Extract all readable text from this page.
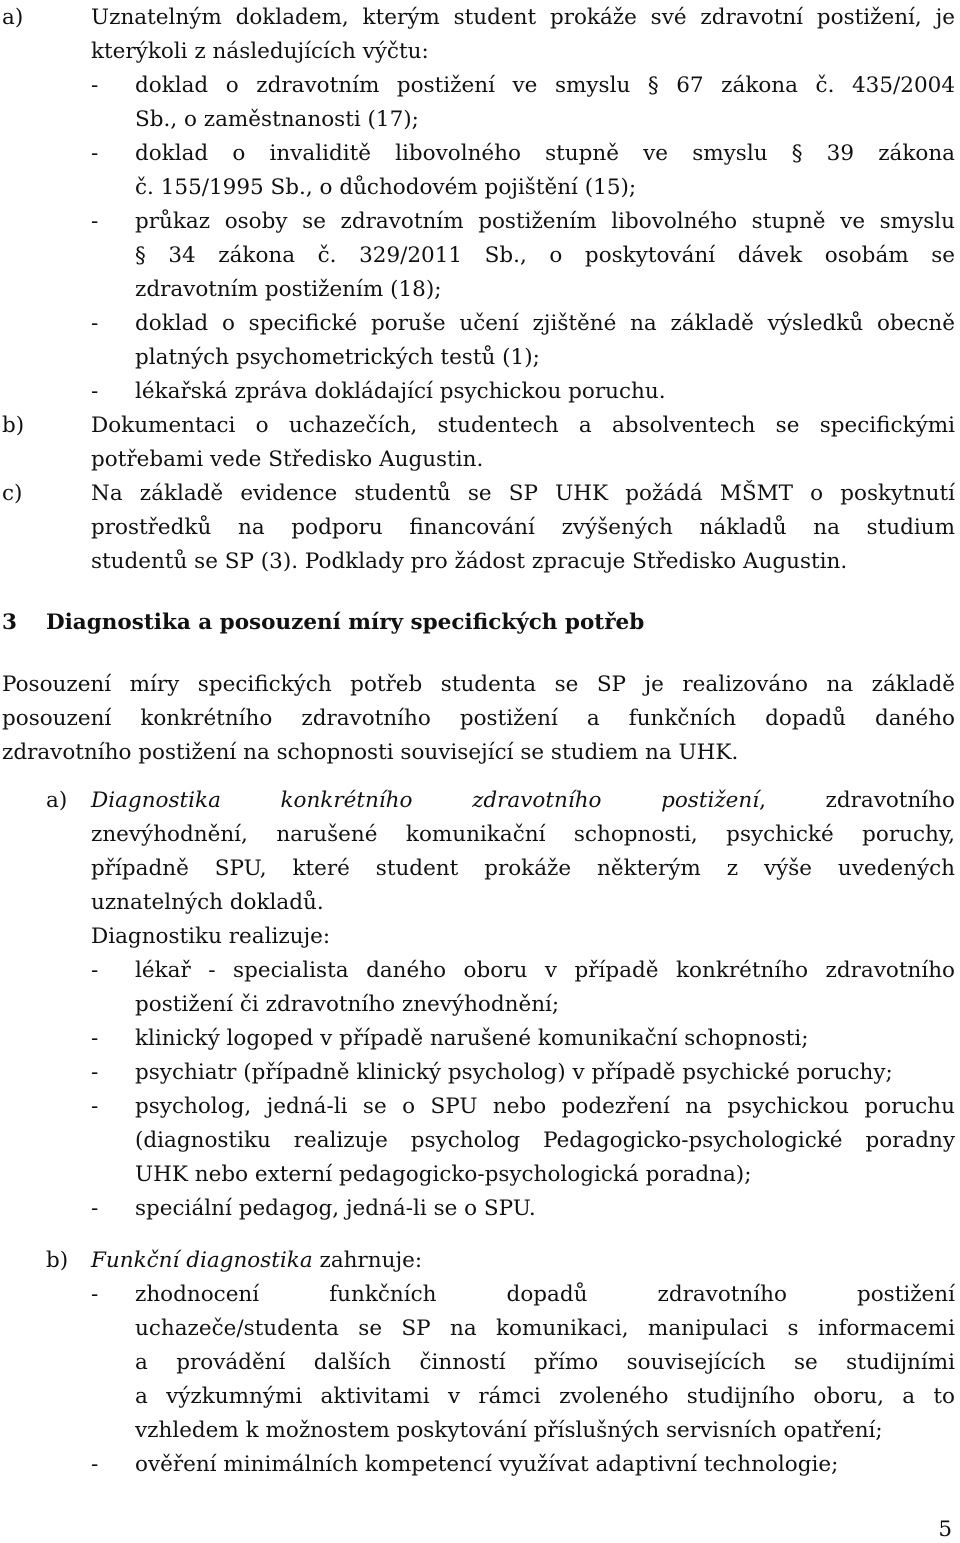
a)	Uznatelným dokladem, kterým student prokáže své zdravotní postižení, je
kterýkoli z následujících výčtu:
- doklad o zdravotním postižení ve smyslu § 67 zákona č. 435/2004
Sb., o zaměstnanosti (17);
- doklad o invaliditě libovolného stupně ve smyslu § 39 zákona
č. 155/1995 Sb., o důchodovém pojištění (15);
- průkaz osoby se zdravotním postižením libovolného stupně ve smyslu
§ 34 zákona č. 329/2011 Sb., o poskytování dávek osobám se
zdravotním postižením (18);
- doklad o specifické poruše učení zjištěné na základě výsledků obecně
platných psychometrických testů (1);
- lékařská zpráva dokládající psychickou poruchu.
b)	Dokumentaci o uchazečích, studentech a absolventech se specifickými
potřebami vede Středisko Augustin.
c)	Na základě evidence studentů se SP UHK požádá MŠMT o poskytnutí
prostředků na podporu financování zvýšených nákladů na studium
studentů se SP (3). Podklady pro žádost zpracuje Středisko Augustin.
3 Diagnostika a posouzení míry specifických potřeb
Posouzení míry specifických potřeb studenta se SP je realizováno na základě
posouzení konkrétního zdravotního postižení a funkčních dopadů daného
zdravotního postižení na schopnosti související se studiem na UHK.
a) Diagnostika	konkrétního	zdravotního	postižení,	zdravotního
znevýhodnění, narušené komunikační schopnosti, psychické poruchy,
případně SPU, které student prokáže některým z výše uvedených
uznatelných dokladů.
Diagnostiku realizuje:
- lékař - specialista daného oboru v případě konkrétního zdravotního
postižení či zdravotního znevýhodnění;
- klinický logoped v případě narušené komunikační schopnosti;
- psychiatr (případně klinický psycholog) v případě psychické poruchy;
- psycholog, jedná-li se o SPU nebo podezření na psychickou poruchu
(diagnostiku realizuje psycholog Pedagogicko-psychologické poradny
UHK nebo externí pedagogicko-psychologická poradna);
- speciální pedagog, jedná-li se o SPU.
b) Funkční diagnostika zahrnuje:
- zhodnocení funkčních dopadů zdravotního postižení
uchazeče/studenta se SP na komunikaci, manipulaci s informacemi
a provádění dalších činností přímo souvisejících se studijními
a výzkumnými aktivitami v rámci zvoleného studijního oboru, a to
vzhledem k možnostem poskytování příslušných servisních opatření;
- ověření minimálních kompetencí využívat adaptivní technologie;
5
